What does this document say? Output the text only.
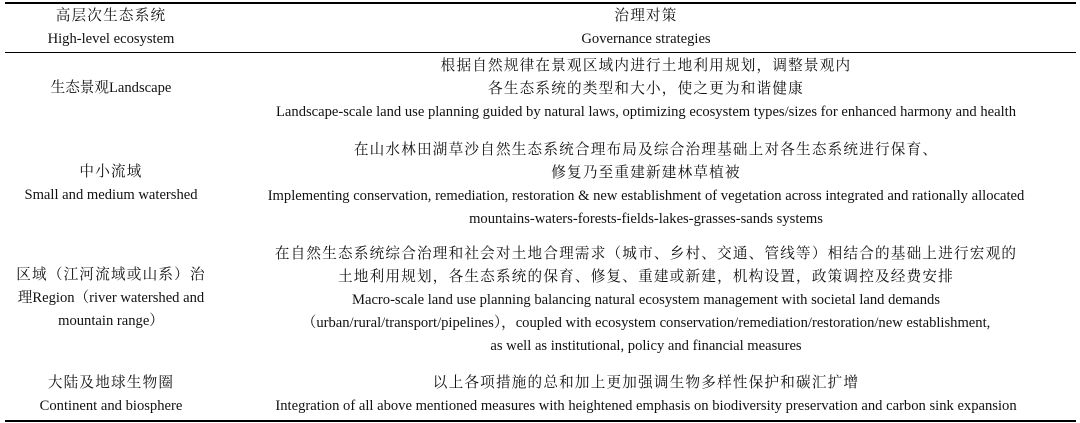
高层次生态系统
High-level ecosystem
治理对策
Governance strategies
生态景观Landscape
根据自然规律在景观区域内进行土地利用规划，调整景观内
各生态系统的类型和大小，使之更为和谐健康
Landscape-scale land use planning guided by natural laws, optimizing ecosystem types/sizes for enhanced harmony and health
中小流域
Small and medium watershed
在山水林田湖草沙自然生态系统合理布局及综合治理基础上对各生态系统进行保育、
修复乃至重建新建林草植被
Implementing conservation, remediation, restoration & new establishment of vegetation across integrated and rationally allocated
mountains-waters-forests-fields-lakes-grasses-sands systems
区域（江河流域或山系）治
理Region（river watershed and
mountain range）
在自然生态系统综合治理和社会对土地合理需求（城市、乡村、交通、管线等）相结合的基础上进行宏观的
土地利用规划，各生态系统的保育、修复、重建或新建，机构设置，政策调控及经费安排
Macro-scale land use planning balancing natural ecosystem management with societal land demands
（urban/rural/transport/pipelines），coupled with ecosystem conservation/remediation/restoration/new establishment,
as well as institutional, policy and financial measures
大陆及地球生物圈
Continent and biosphere
以上各项措施的总和加上更加强调生物多样性保护和碳汇扩增
Integration of all above mentioned measures with heightened emphasis on biodiversity preservation and carbon sink expansion
